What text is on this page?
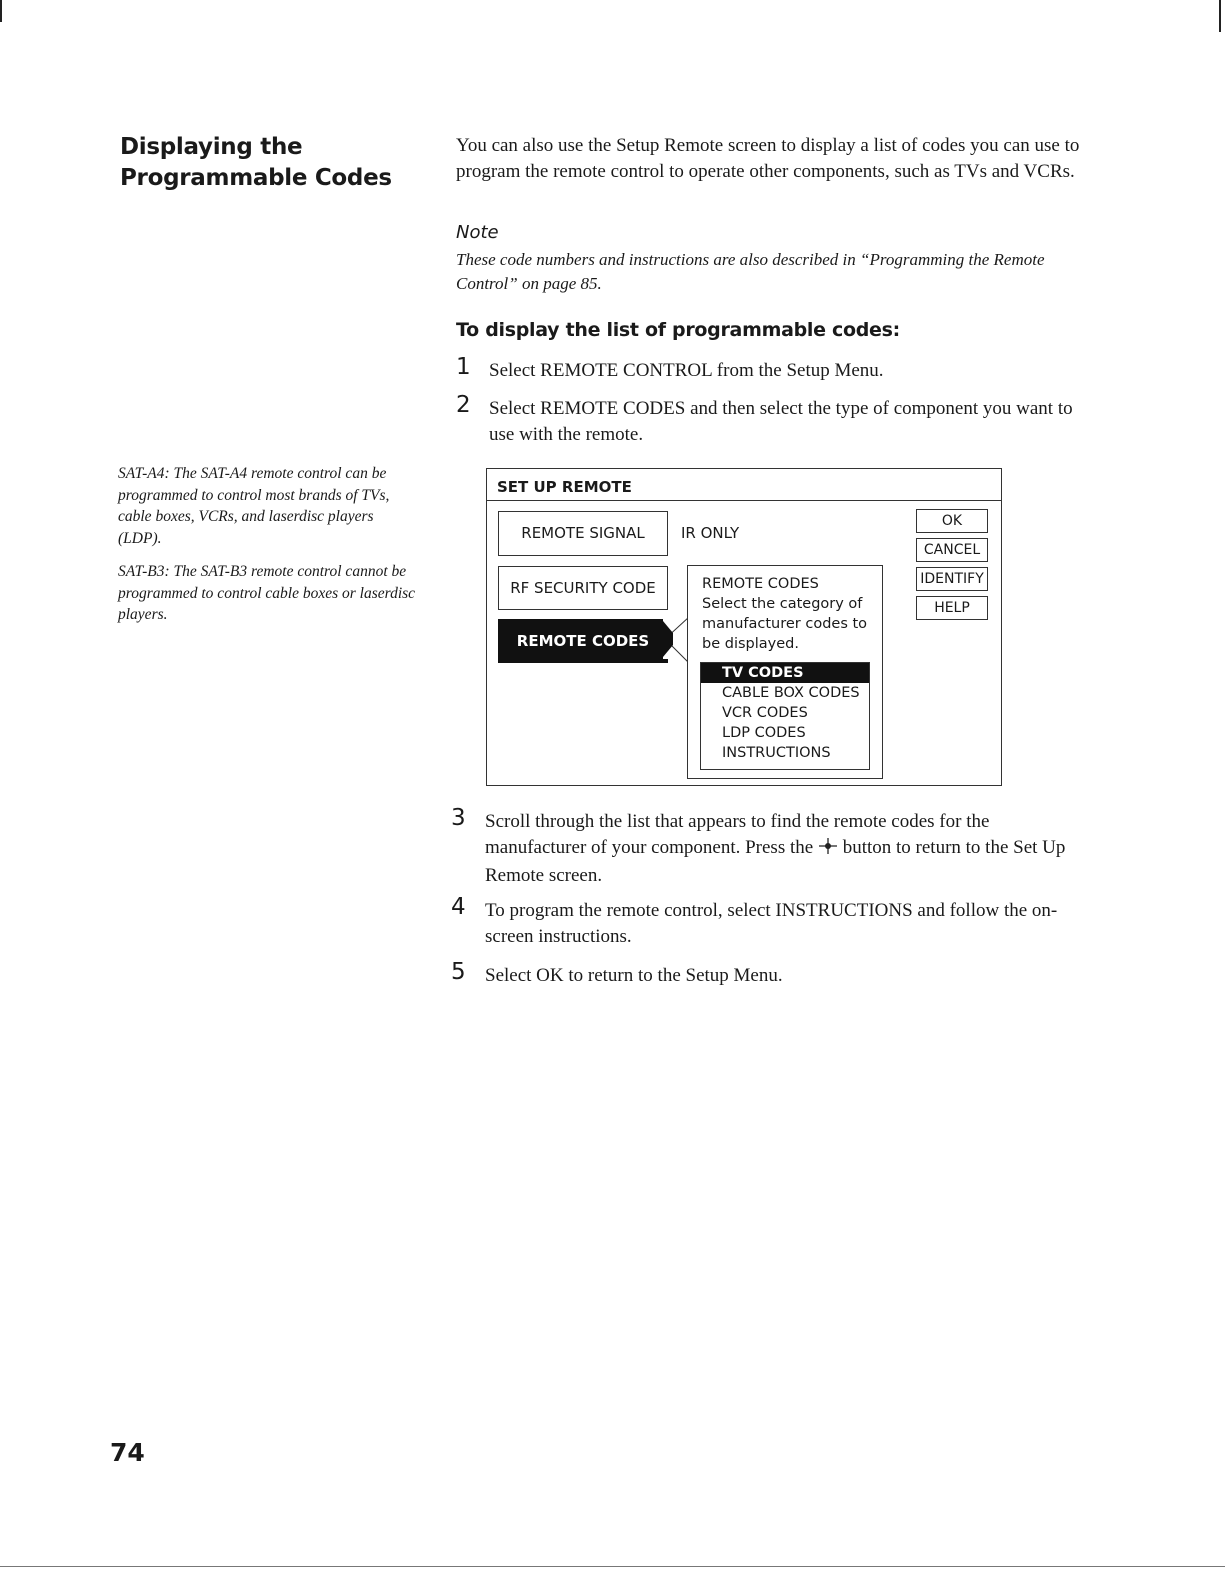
Displaying the
Programmable Codes
SAT-A4: The SAT-A4 remote control can be programmed to control most brands of TVs, cable boxes, VCRs, and laserdisc players (LDP).
SAT-B3: The SAT-B3 remote control cannot be programmed to control cable boxes or laserdisc players.
You can also use the Setup Remote screen to display a list of codes you can use to program the remote control to operate other components, such as TVs and VCRs.
Note
These code numbers and instructions are also described in “Programming the Remote Control” on page 85.
To display the list of programmable codes:
1 Select REMOTE CONTROL from the Setup Menu.
2 Select REMOTE CODES and then select the type of component you want to use with the remote.
SET UP REMOTE
REMOTE SIGNAL	IR ONLY
RF SECURITY CODE
REMOTE CODES
REMOTE CODES
Select the category of
manufacturer codes to
be displayed.
TV CODES
CABLE BOX CODES
VCR CODES
LDP CODES
INSTRUCTIONS
OK
CANCEL
IDENTIFY
HELP
3 Scroll through the list that appears to find the remote codes for the manufacturer of your component. Press the  button to return to the Set Up Remote screen.
4 To program the remote control, select INSTRUCTIONS and follow the on-screen instructions.
5 Select OK to return to the Setup Menu.
74
